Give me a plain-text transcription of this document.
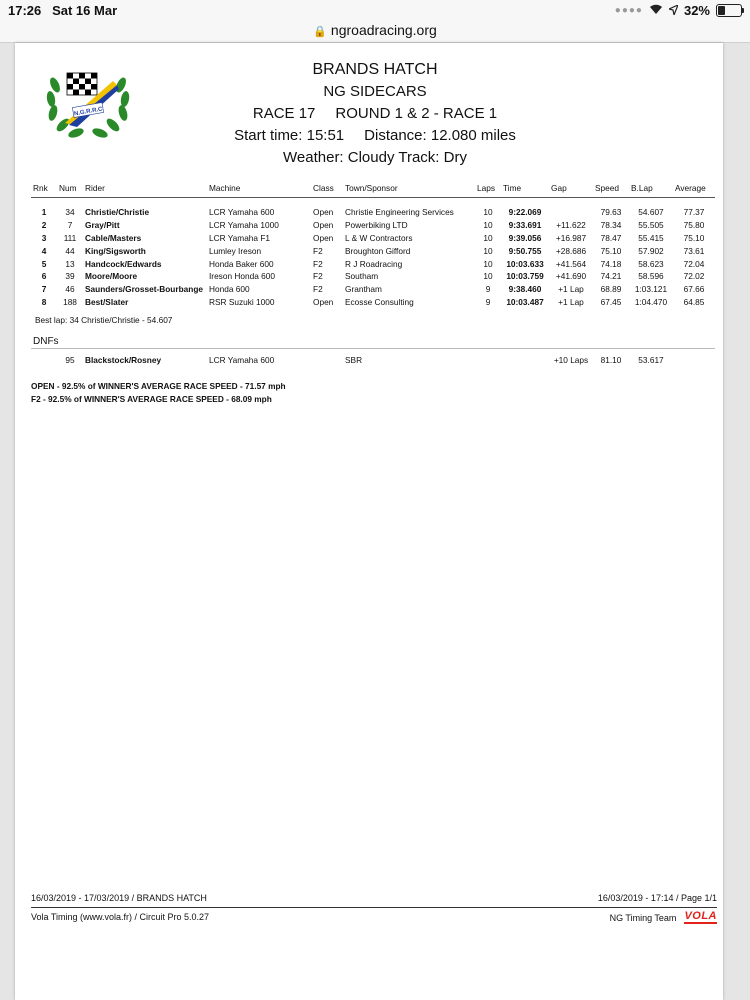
17:26 Sat 16 Mar	●●●●	32%
🔒 ngroadracing.org
N.G.R.R.C
BRANDS HATCH
NG SIDECARS
RACE 17 ROUND 1 & 2 - RACE 1
Start time: 15:51 Distance: 12.080 miles
Weather: Cloudy Track: Dry
Rnk	Num	Rider	Machine	Class	Town/Sponsor	Laps	Time	Gap	Speed	B.Lap	Average

1	34	Christie/Christie	LCR Yamaha 600	Open	Christie Engineering Services	10	9:22.069		79.63	54.607	77.37
2	7	Gray/Pitt	LCR Yamaha 1000	Open	Powerbiking LTD	10	9:33.691	+11.622	78.34	55.505	75.80
3	111	Cable/Masters	LCR Yamaha F1	Open	L & W Contractors	10	9:39.056	+16.987	78.47	55.415	75.10
4	44	King/Sigsworth	Lumley Ireson	F2	Broughton Gifford	10	9:50.755	+28.686	75.10	57.902	73.61
5	13	Handcock/Edwards	Honda Baker 600	F2	R J Roadracing	10	10:03.633	+41.564	74.18	58.623	72.04
6	39	Moore/Moore	Ireson Honda 600	F2	Southam	10	10:03.759	+41.690	74.21	58.596	72.02
7	46	Saunders/Grosset-Bourbange	Honda 600	F2	Grantham	9	9:38.460	+1 Lap	68.89	1:03.121	67.66
8	188	Best/Slater	RSR Suzuki 1000	Open	Ecosse Consulting	9	10:03.487	+1 Lap	67.45	1:04.470	64.85
Best lap: 34 Christie/Christie - 54.607
DNFs
	95	Blackstock/Rosney	LCR Yamaha 600		SBR			+10 Laps	81.10	53.617	
OPEN - 92.5% of WINNER'S AVERAGE RACE SPEED - 71.57 mph
F2 - 92.5% of WINNER'S AVERAGE RACE SPEED - 68.09 mph
16/03/2019 - 17/03/2019 / BRANDS HATCH	16/03/2019 - 17:14 / Page 1/1
Vola Timing (www.vola.fr) / Circuit Pro 5.0.27	NG Timing Team VOLA
